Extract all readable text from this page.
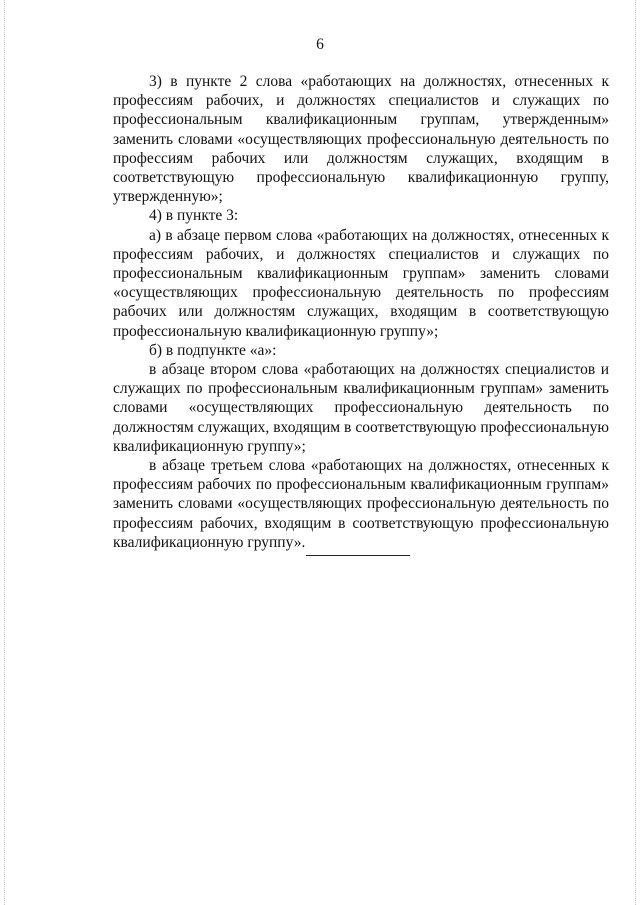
6

3) в пункте 2 слова «работающих на должностях, отнесенных к профессиям рабочих, и должностях специалистов и служащих по профессиональным квалификационным группам, утвержденным» заменить словами «осуществляющих профессиональную деятельность по профессиям рабочих или должностям служащих, входящим в соответствующую профессиональную квалификационную группу, утвержденную»;

4) в пункте 3:

а) в абзаце первом слова «работающих на должностях, отнесенных к профессиям рабочих, и должностях специалистов и служащих по профессиональным квалификационным группам» заменить словами «осуществляющих профессиональную деятельность по профессиям рабочих или должностям служащих, входящим в соответствующую профессиональную квалификационную группу»;

б) в подпункте «а»:

в абзаце втором слова «работающих на должностях специалистов и служащих по профессиональным квалификационным группам» заменить словами «осуществляющих профессиональную деятельность по должностям служащих, входящим в соответствующую профессиональную квалификационную группу»;

в абзаце третьем слова «работающих на должностях, отнесенных к профессиям рабочих по профессиональным квалификационным группам» заменить словами «осуществляющих профессиональную деятельность по профессиям рабочих, входящим в соответствующую профессиональную квалификационную группу».
